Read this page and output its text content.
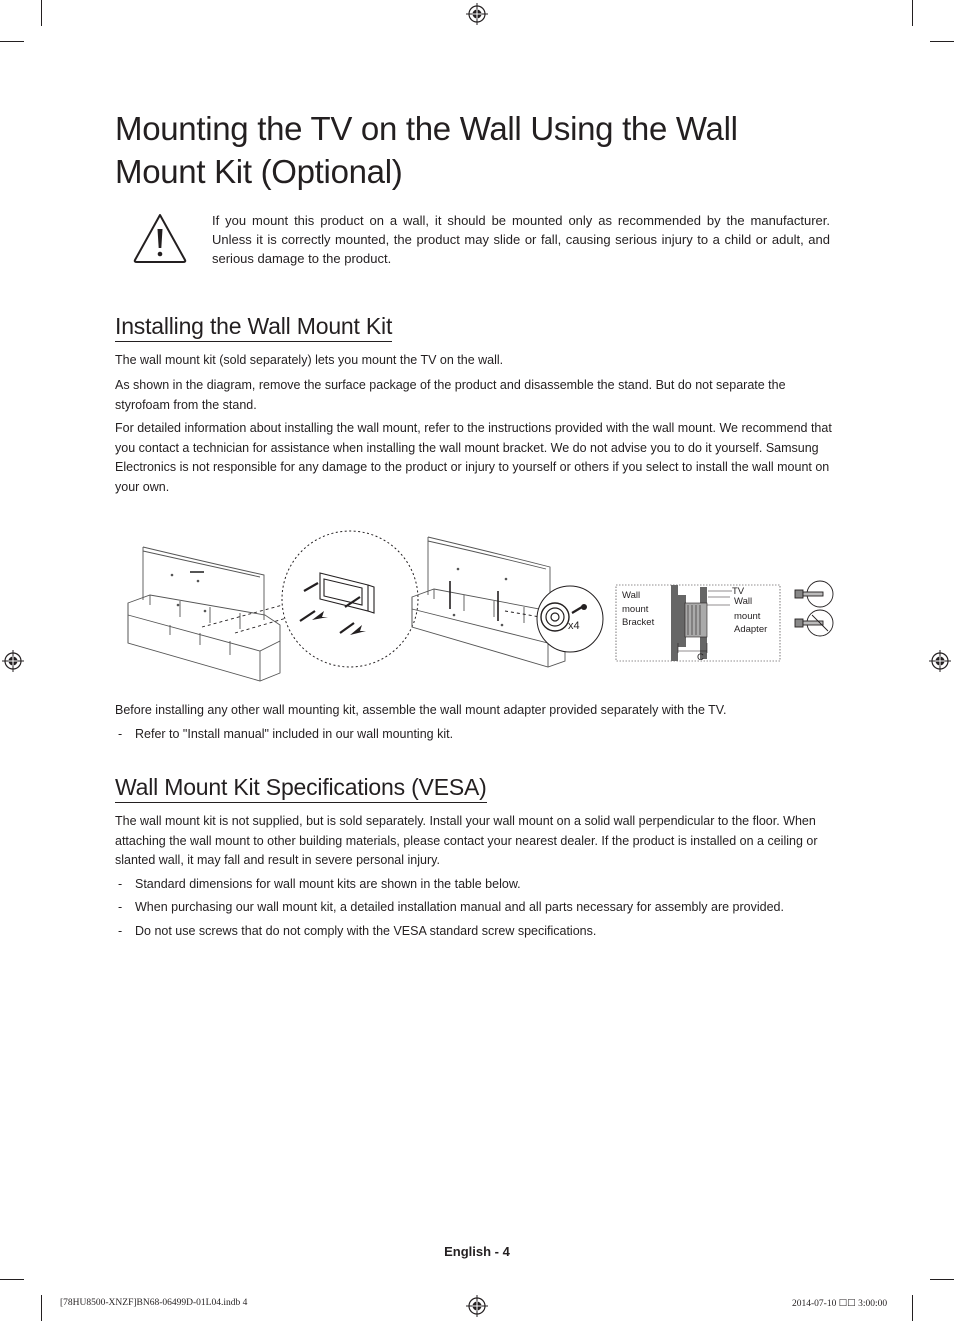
Mounting the TV on the Wall Using the Wall Mount Kit (Optional)
If you mount this product on a wall, it should be mounted only as recommended by the manufacturer. Unless it is correctly mounted, the product may slide or fall, causing serious injury to a child or adult, and serious damage to the product.
Installing the Wall Mount Kit

The wall mount kit (sold separately) lets you mount the TV on the wall.

As shown in the diagram, remove the surface package of the product and disassemble the stand. But do not separate the styrofoam from the stand.

For detailed information about installing the wall mount, refer to the instructions provided with the wall mount. We recommend that you contact a technician for assistance when installing the wall mount bracket. We do not advise you to do it yourself. Samsung Electronics is not responsible for any damage to the product or injury to yourself or others if you select to install the wall mount on your own.

x4
Wall mount Bracket
TV Wall mount Adapter
C

Before installing any other wall mounting kit, assemble the wall mount adapter provided separately with the TV.

- Refer to "Install manual" included in our wall mounting kit.
Wall Mount Kit Specifications (VESA)

The wall mount kit is not supplied, but is sold separately. Install your wall mount on a solid wall perpendicular to the floor. When attaching the wall mount to other building materials, please contact your nearest dealer. If the product is installed on a ceiling or slanted wall, it may fall and result in severe personal injury.

- Standard dimensions for wall mount kits are shown in the table below.
- When purchasing our wall mount kit, a detailed installation manual and all parts necessary for assembly are provided.
- Do not use screws that do not comply with the VESA standard screw specifications.
English - 4
[78HU8500-XNZF]BN68-06499D-01L04.indb 4	2014-07-10 ☐☐ 3:00:00
